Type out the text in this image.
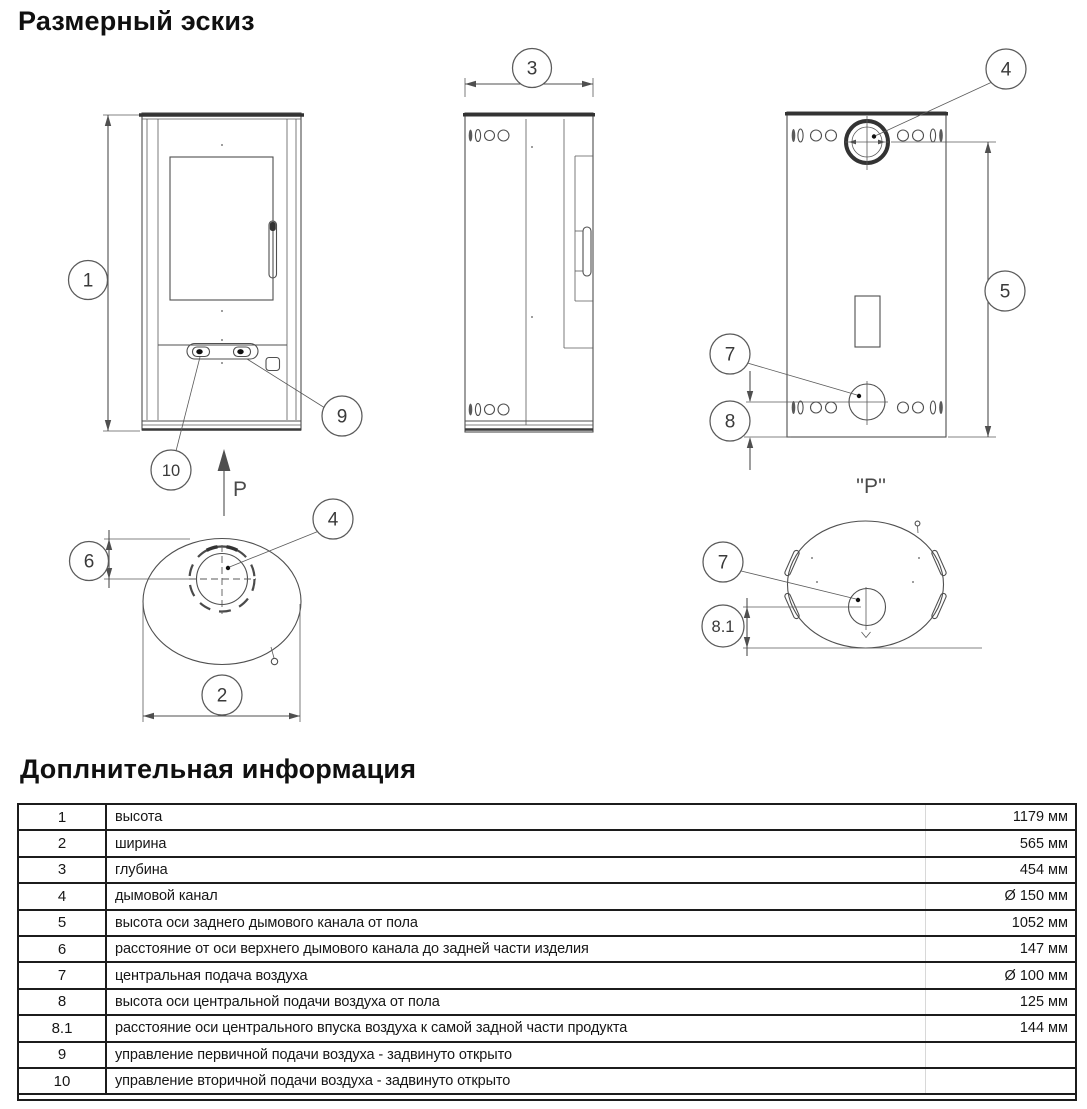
Размерный эскиз
P
1
10
9
3	4
5
7
8
4
6
2
''P''
7
8.1
Доплнительная информация
1	высота	1179 мм
2	ширина	565 мм
3	глубина	454 мм
4	дымовой канал	Ø 150 мм
5	высота оси заднего дымового канала от пола	1052 мм
6	расстояние от оси верхнего дымового канала до задней части изделия	147 мм
7	центральная подача воздуха	Ø 100 мм
8	высота оси центральной подачи воздуха от пола	125 мм
8.1	расстояние оси центрального впуска воздуха к самой задной части продукта	144 мм
9	управление первичной подачи воздуха - задвинуто открыто
10	управление вторичной подачи воздуха - задвинуто открыто
